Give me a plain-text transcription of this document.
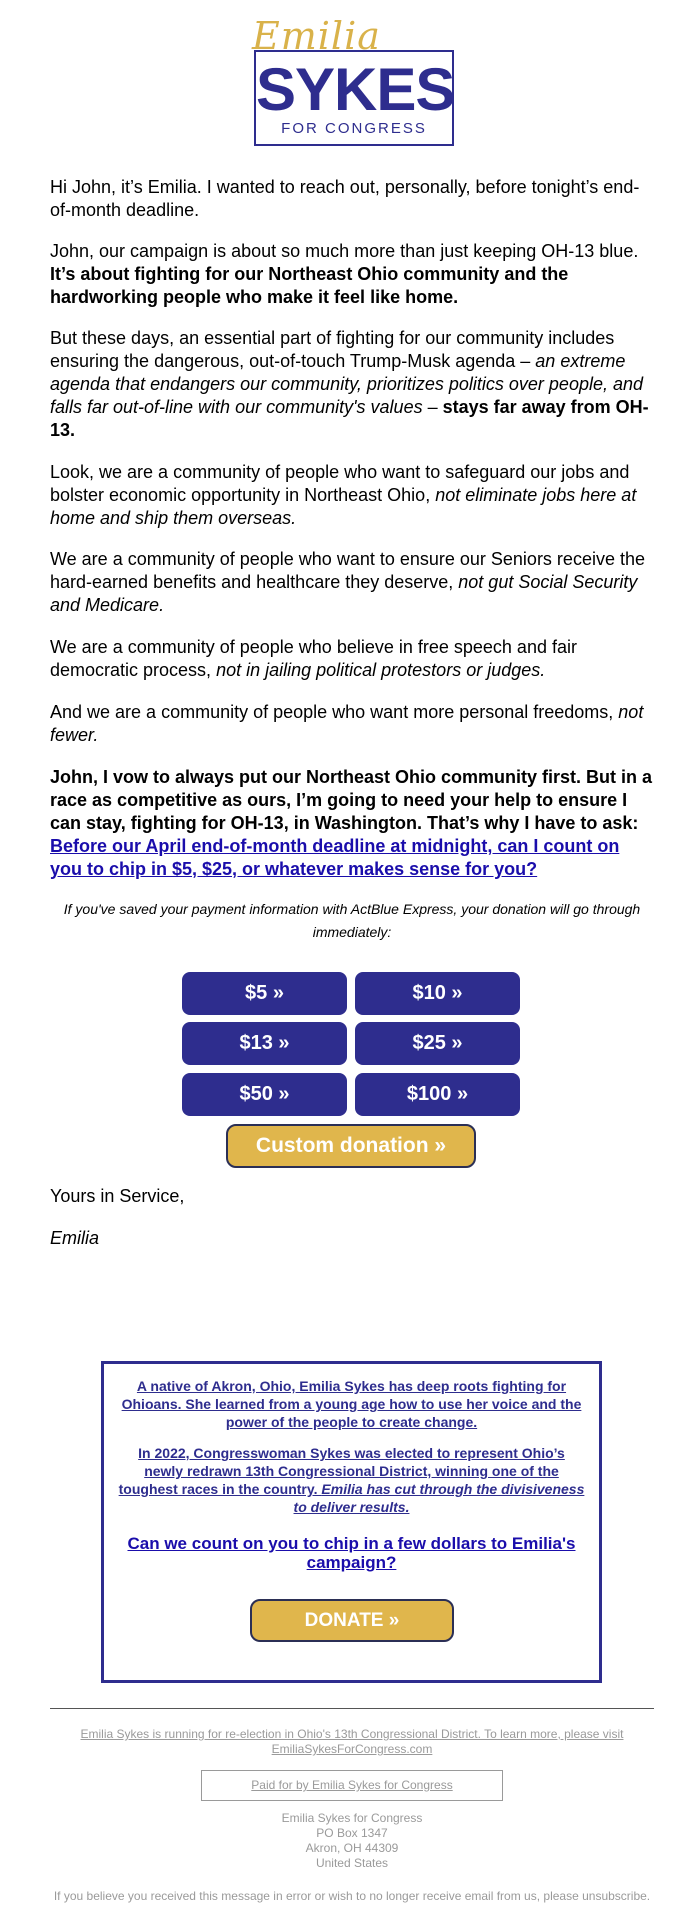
Emilia
SYKES
FOR CONGRESS

Hi John, it’s Emilia. I wanted to reach out, personally, before tonight’s end-of-month deadline.

John, our campaign is about so much more than just keeping OH-13 blue. It’s about fighting for our Northeast Ohio community and the hardworking people who make it feel like home.

But these days, an essential part of fighting for our community includes ensuring the dangerous, out-of-touch Trump-Musk agenda – an extreme agenda that endangers our community, prioritizes politics over people, and falls far out-of-line with our community's values – stays far away from OH-13.

Look, we are a community of people who want to safeguard our jobs and bolster economic opportunity in Northeast Ohio, not eliminate jobs here at home and ship them overseas.

We are a community of people who want to ensure our Seniors receive the hard-earned benefits and healthcare they deserve, not gut Social Security and Medicare.

We are a community of people who believe in free speech and fair democratic process, not in jailing political protestors or judges.

And we are a community of people who want more personal freedoms, not fewer.

John, I vow to always put our Northeast Ohio community first. But in a race as competitive as ours, I’m going to need your help to ensure I can stay, fighting for OH-13, in Washington. That’s why I have to ask: Before our April end-of-month deadline at midnight, can I count on you to chip in $5, $25, or whatever makes sense for you?

If you've saved your payment information with ActBlue Express, your donation will go through immediately:

$5 »	$10 »
$13 »	$25 »
$50 »	$100 »
Custom donation »
Yours in Service,
Emilia

A native of Akron, Ohio, Emilia Sykes has deep roots fighting for Ohioans. She learned from a young age how to use her voice and the power of the people to create change.

In 2022, Congresswoman Sykes was elected to represent Ohio’s newly redrawn 13th Congressional District, winning one of the toughest races in the country. Emilia has cut through the divisiveness to deliver results.

Can we count on you to chip in a few dollars to Emilia's campaign?

DONATE »

Emilia Sykes is running for re-election in Ohio's 13th Congressional District. To learn more, please visit EmiliaSykesForCongress.com

Paid for by Emilia Sykes for Congress

Emilia Sykes for Congress

PO Box 1347

Akron, OH 44309

United States

If you believe you received this message in error or wish to no longer receive email from us, please unsubscribe.
